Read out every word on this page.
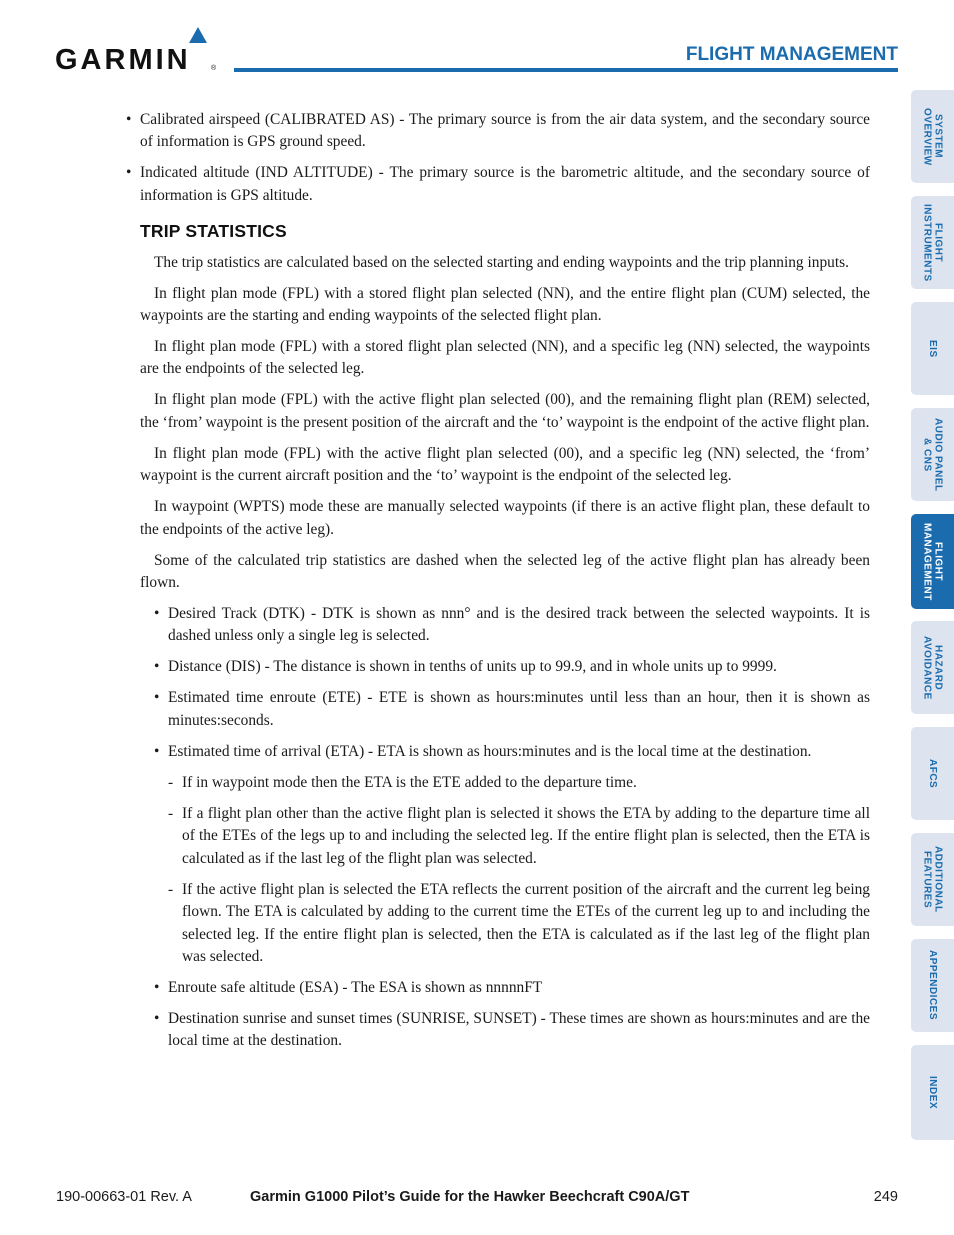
GARMIN	®
FLIGHT MANAGEMENT

• Calibrated airspeed (CALIBRATED AS) - The primary source is from the air data system, and the secondary source of information is GPS ground speed.

• Indicated altitude (IND ALTITUDE) - The primary source is the barometric altitude, and the secondary source of information is GPS altitude.

TRIP STATISTICS

The trip statistics are calculated based on the selected starting and ending waypoints and the trip planning inputs.

In flight plan mode (FPL) with a stored flight plan selected (NN), and the entire flight plan (CUM) selected, the waypoints are the starting and ending waypoints of the selected flight plan.

In flight plan mode (FPL) with a stored flight plan selected (NN), and a specific leg (NN) selected, the waypoints are the endpoints of the selected leg.

In flight plan mode (FPL) with the active flight plan selected (00), and the remaining flight plan (REM) selected, the ‘from’ waypoint is the present position of the aircraft and the ‘to’ waypoint is the endpoint of the active flight plan.

In flight plan mode (FPL) with the active flight plan selected (00), and a specific leg (NN) selected, the ‘from’ waypoint is the current aircraft position and the ‘to’ waypoint is the endpoint of the selected leg.

In waypoint (WPTS) mode these are manually selected waypoints (if there is an active flight plan, these default to the endpoints of the active leg).

Some of the calculated trip statistics are dashed when the selected leg of the active flight plan has already been flown.

• Desired Track (DTK) - DTK is shown as nnn° and is the desired track between the selected waypoints. It is dashed unless only a single leg is selected.

• Distance (DIS) - The distance is shown in tenths of units up to 99.9, and in whole units up to 9999.

• Estimated time enroute (ETE) - ETE is shown as hours:minutes until less than an hour, then it is shown as minutes:seconds.

• Estimated time of arrival (ETA) - ETA is shown as hours:minutes and is the local time at the destination.

- If in waypoint mode then the ETA is the ETE added to the departure time.

- If a flight plan other than the active flight plan is selected it shows the ETA by adding to the departure time all of the ETEs of the legs up to and including the selected leg. If the entire flight plan is selected, then the ETA is calculated as if the last leg of the flight plan was selected.

- If the active flight plan is selected the ETA reflects the current position of the aircraft and the current leg being flown. The ETA is calculated by adding to the current time the ETEs of the current leg up to and including the selected leg. If the entire flight plan is selected, then the ETA is calculated as if the last leg of the flight plan was selected.

• Enroute safe altitude (ESA) - The ESA is shown as nnnnnFT

• Destination sunrise and sunset times (SUNRISE, SUNSET) - These times are shown as hours:minutes and are the local time at the destination.

SYSTEM
OVERVIEW
FLIGHT
INSTRUMENTS
EIS
AUDIO PANEL
& CNS
FLIGHT
MANAGEMENT
HAZARD
AVOIDANCE
AFCS
ADDITIONAL
FEATURES
APPENDICES
INDEX
190-00663-01 Rev. A	Garmin G1000 Pilot’s Guide for the Hawker Beechcraft C90A/GT	249
